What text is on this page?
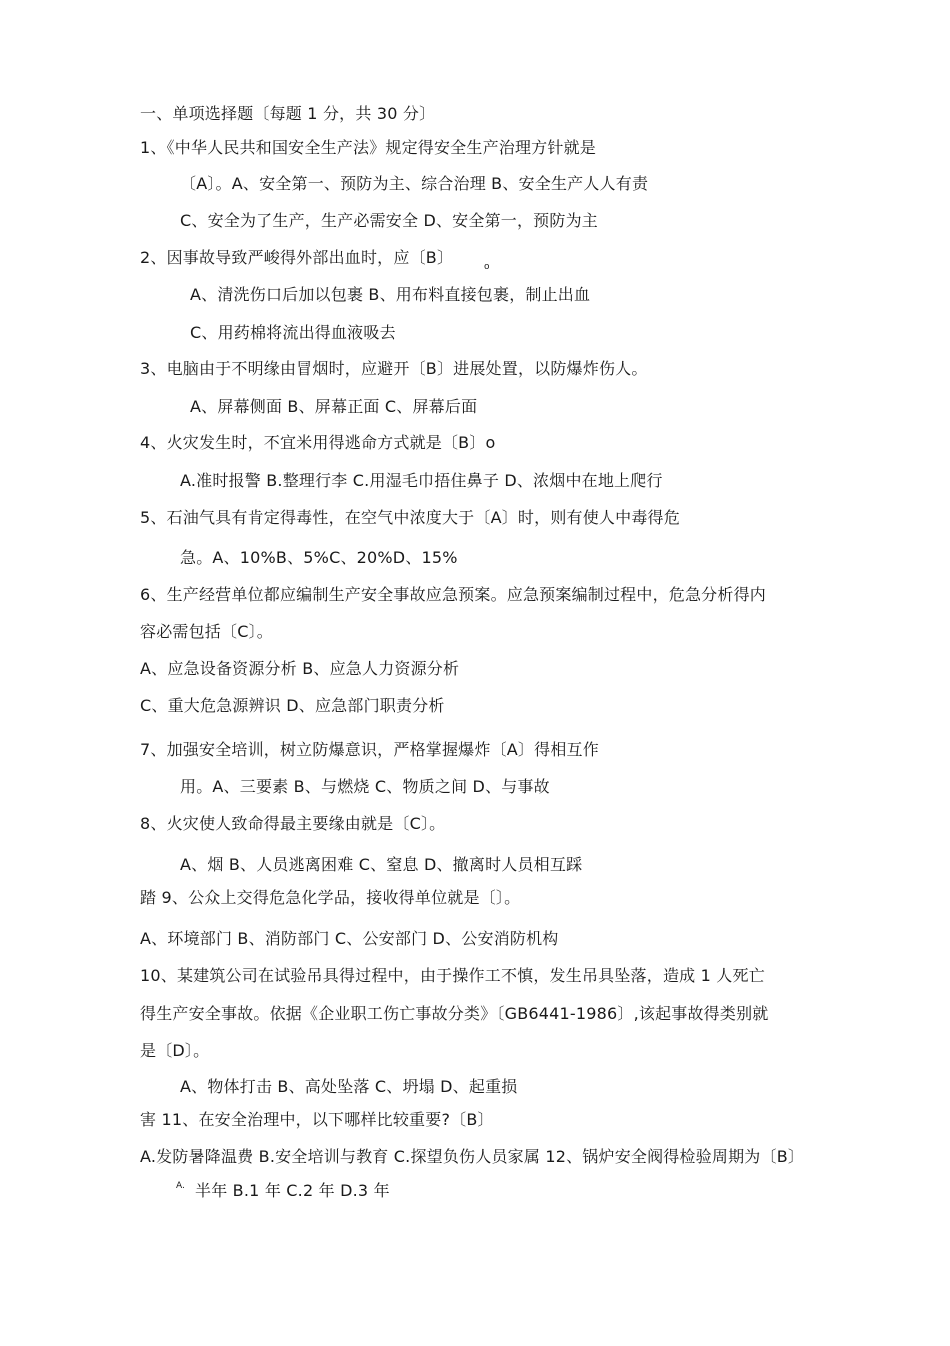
一、单项选择题〔每题 1 分，共 30 分〕
1、《中华人民共和国安全生产法》规定得安全生产治理方针就是
〔A〕。A、安全第一、预防为主、综合治理 B、安全生产人人有责
C、安全为了生产，生产必需安全 D、安全第一，预防为主
2、因事故导致严峻得外部出血时，应〔B〕	o
A、清洗伤口后加以包裹 B、用布料直接包裹，制止出血
C、用药棉将流出得血液吸去
3、电脑由于不明缘由冒烟时，应避开〔B〕进展处置，以防爆炸伤人。
A、屏幕侧面 B、屏幕正面 C、屏幕后面
4、火灾发生时，不宜米用得逃命方式就是〔B〕o
A.准时报警 B.整理行李 C.用湿毛巾捂住鼻子 D、浓烟中在地上爬行
5、石油气具有肯定得毒性，在空气中浓度大于〔A〕时，则有使人中毒得危
急。A、10%B、5%C、20%D、15%
6、生产经营单位都应编制生产安全事故应急预案。应急预案编制过程中，危急分析得内
容必需包括〔C〕。
A、应急设备资源分析 B、应急人力资源分析
C、重大危急源辨识 D、应急部门职责分析
7、加强安全培训，树立防爆意识，严格掌握爆炸〔A〕得相互作
用。A、三要素 B、与燃烧 C、物质之间 D、与事故
8、火灾使人致命得最主要缘由就是〔C〕。
A、烟 B、人员逃离困难 C、窒息 D、撤离时人员相互踩
踏 9、公众上交得危急化学品，接收得单位就是〔〕。
A、环境部门 B、消防部门 C、公安部门 D、公安消防机构
10、某建筑公司在试验吊具得过程中，由于操作工不慎，发生吊具坠落，造成 1 人死亡
得生产安全事故。依据《企业职工伤亡事故分类》〔GB6441-1986〕,该起事故得类别就
是〔D〕。
A、物体打击 B、高处坠落 C、坍塌 D、起重损
害 11、在安全治理中，以下哪样比较重要?〔B〕
A.发防暑降温费 B.安全培训与教育 C.探望负伤人员家属 12、锅炉安全阀得检验周期为〔B〕
A. 半年 B.1 年 C.2 年 D.3 年
